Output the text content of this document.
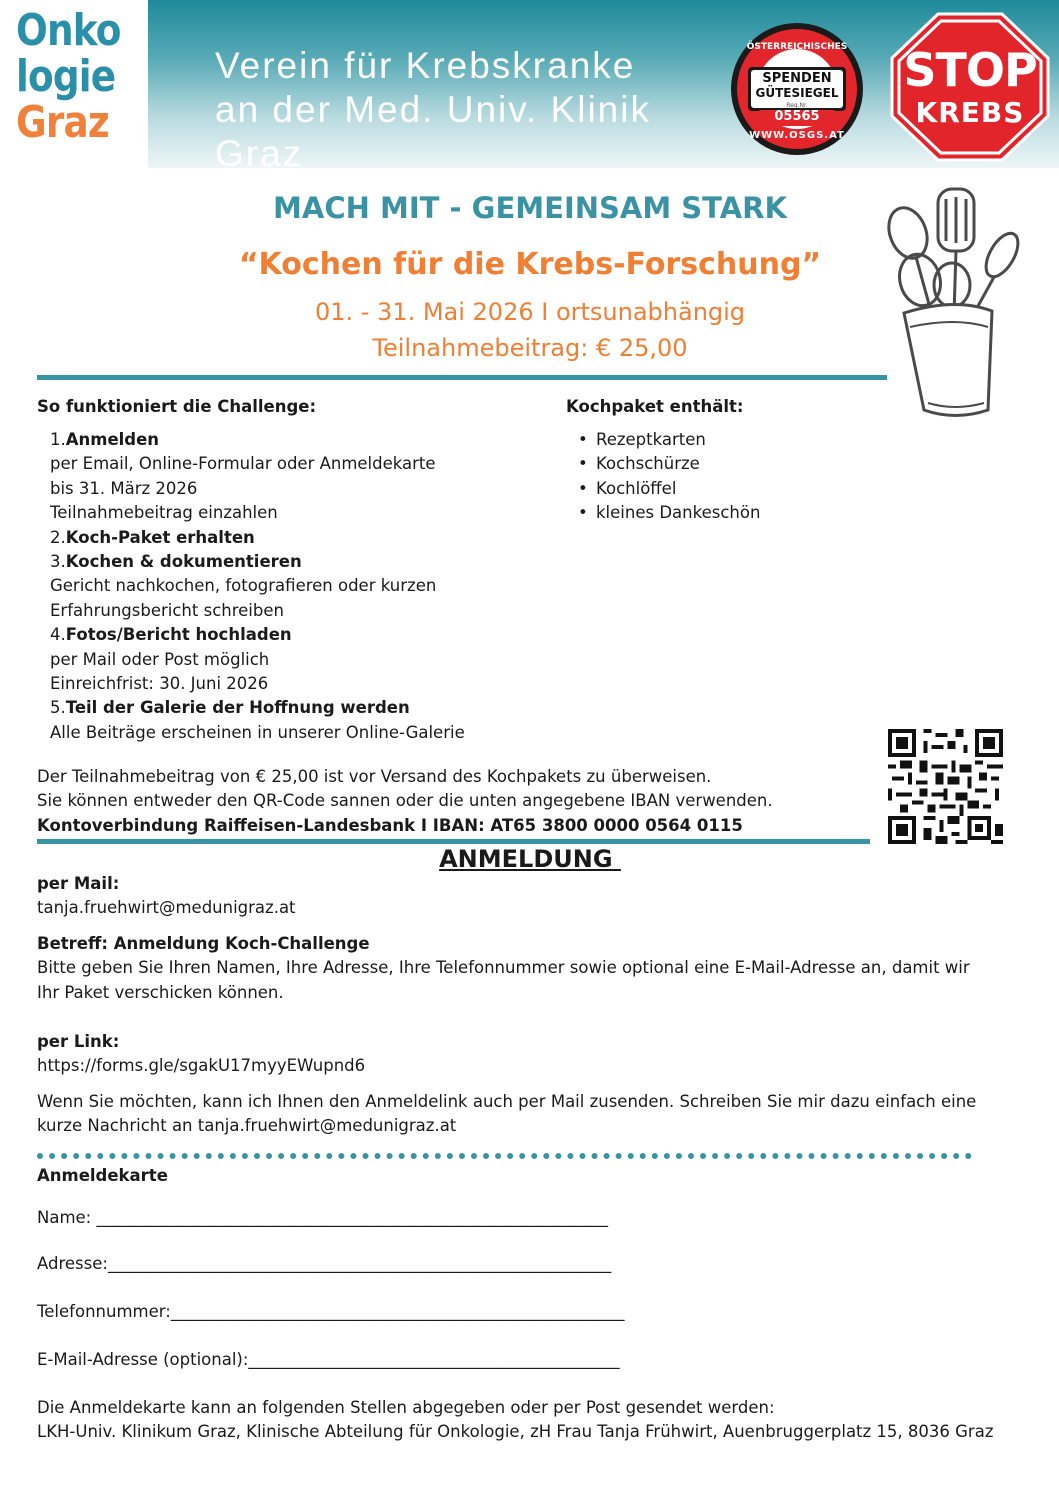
Onko
logie
Graz
Verein für Krebskranke
an der Med. Univ. Klinik Graz
ÖSTERREICHISCHES
SPENDEN
GÜTESIEGEL
Reg.Nr.
05565
WWW.OSGS.AT
STOP
KREBS
MACH MIT - GEMEINSAM STARK
“Kochen für die Krebs-Forschung”
01. - 31. Mai 2026 I ortsunabhängig
Teilnahmebeitrag: € 25,00
So funktioniert die Challenge:
1.Anmelden
per Email, Online-Formular oder Anmeldekarte
bis 31. März 2026
Teilnahmebeitrag einzahlen
2.Koch-Paket erhalten
3.Kochen & dokumentieren
Gericht nachkochen, fotografieren oder kurzen
Erfahrungsbericht schreiben
4.Fotos/Bericht hochladen
per Mail oder Post möglich
Einreichfrist: 30. Juni 2026
5.Teil der Galerie der Hoffnung werden
Alle Beiträge erscheinen in unserer Online-Galerie
Kochpaket enthält:
• Rezeptkarten
• Kochschürze
• Kochlöffel
• kleines Dankeschön
Der Teilnahmebeitrag von € 25,00 ist vor Versand des Kochpakets zu überweisen.
Sie können entweder den QR-Code sannen oder die unten angegebene IBAN verwenden.
Kontoverbindung Raiffeisen-Landesbank I IBAN: AT65 3800 0000 0564 0115
ANMELDUNG
per Mail:
tanja.fruehwirt@medunigraz.at
Betreff: Anmeldung Koch-Challenge
Bitte geben Sie Ihren Namen, Ihre Adresse, Ihre Telefonnummer sowie optional eine E-Mail-Adresse an, damit wir
Ihr Paket verschicken können.
per Link:
https://forms.gle/sgakU17myyEWupnd6
Wenn Sie möchten, kann ich Ihnen den Anmeldelink auch per Mail zusenden. Schreiben Sie mir dazu einfach eine
kurze Nachricht an tanja.fruehwirt@medunigraz.at
Anmeldekarte
Name: ______________________________________________________________
Adresse:_____________________________________________________________
Telefonnummer:_______________________________________________________
E-Mail-Adresse (optional):_____________________________________________
Die Anmeldekarte kann an folgenden Stellen abgegeben oder per Post gesendet werden:
LKH-Univ. Klinikum Graz, Klinische Abteilung für Onkologie, zH Frau Tanja Frühwirt, Auenbruggerplatz 15, 8036 Graz
